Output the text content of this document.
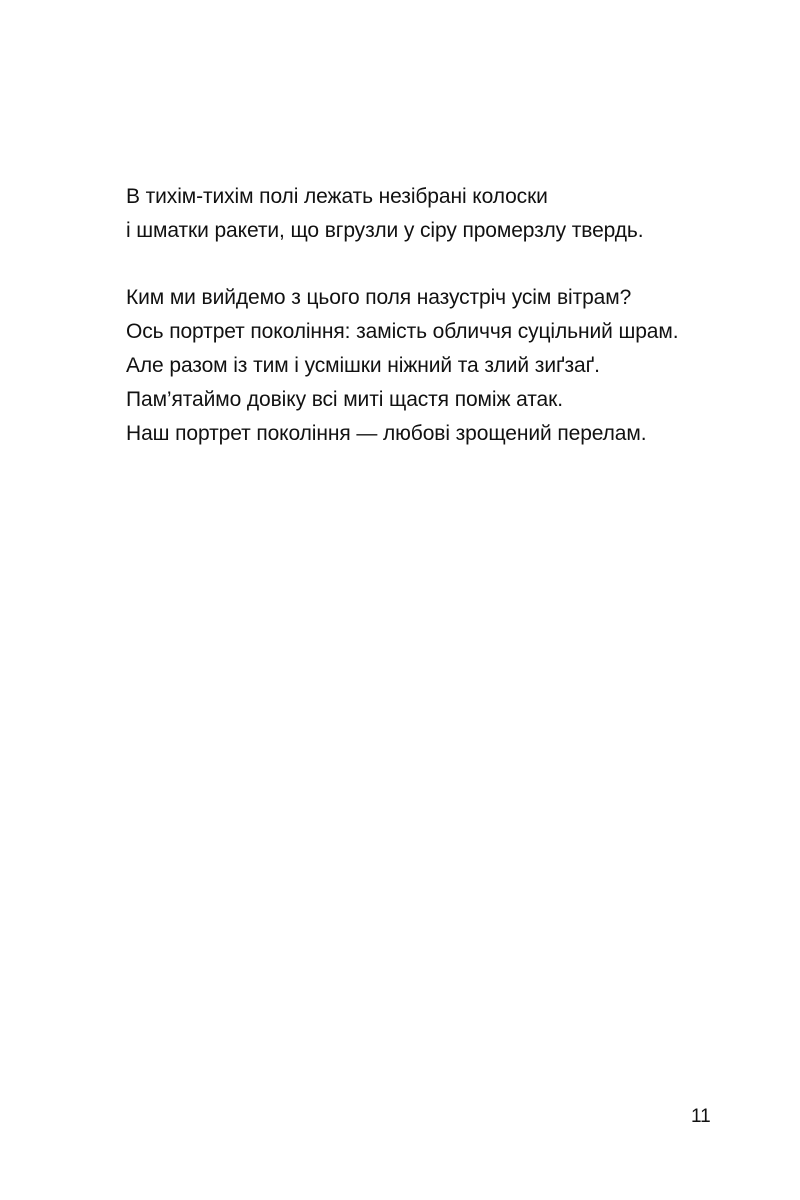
В тихім-тихім полі лежать незібрані колоски
і шматки ракети, що вгрузли у сіру промерзлу твердь.

Ким ми вийдемо з цього поля назустріч усім вітрам?
Ось портрет покоління: замість обличчя суцільний шрам.
Але разом із тим і усмішки ніжний та злий зиґзаґ.
Пам’ятаймо довіку всі миті щастя поміж атак.
Наш портрет покоління — любові зрощений перелам.

11
